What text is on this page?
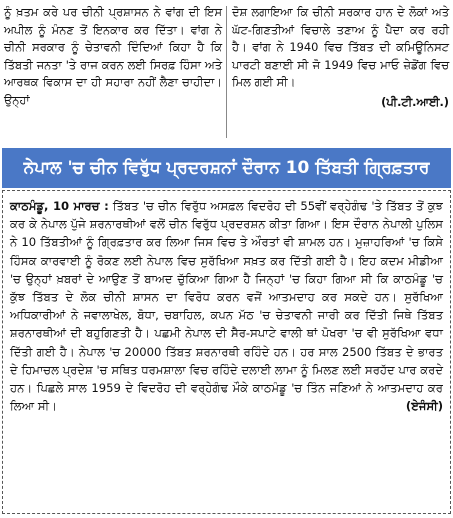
ਨੂੰ ਖ਼ਤਮ ਕਰੇ ਪਰ ਚੀਨੀ ਪ੍ਰਸ਼ਾਸਨ ਨੇ ਵਾਂਗ ਦੀ ਇਸ ਅਪੀਲ ਨੂੰ ਮੰਨਣ ਤੋਂ ਇਨਕਾਰ ਕਰ ਦਿੱਤਾ। ਵਾਂਗ ਨੇ ਚੀਨੀ ਸਰਕਾਰ ਨੂੰ ਚੇਤਾਵਨੀ ਦਿੰਦਿਆਂ ਕਿਹਾ ਹੈ ਕਿ ਤਿੱਬਤੀ ਜਨਤਾ 'ਤੇ ਰਾਜ ਕਰਨ ਲਈ ਸਿਰਫ਼ ਹਿੰਸਾ ਅਤੇ ਆਰਥਕ ਵਿਕਾਸ ਦਾ ਹੀ ਸਹਾਰਾ ਨਹੀਂ ਲੈਣਾ ਚਾਹੀਦਾ। ਉਨ੍ਹਾਂ

ਦੋਸ਼ ਲਗਾਇਆ ਕਿ ਚੀਨੀ ਸਰਕਾਰ ਹਾਨ ਦੇ ਲੋਕਾਂ ਅਤੇ ਘੱਟ-ਗਿਣਤੀਆਂ ਵਿਚਾਲੇ ਤਣਾਅ ਨੂੰ ਪੈਦਾ ਕਰ ਰਹੀ ਹੈ। ਵਾਂਗ ਨੇ 1940 ਵਿਚ ਤਿੱਬਤ ਦੀ ਕਮਿਊਨਿਸਟ ਪਾਰਟੀ ਬਣਾਈ ਸੀ ਜੋ 1949 ਵਿਚ ਮਾਓ ਜ਼ੇਡੋਂਗ ਵਿਚ ਮਿਲ ਗਈ ਸੀ।

(ਪੀ.ਟੀ.ਆਈ.)
ਨੇਪਾਲ 'ਚ ਚੀਨ ਵਿਰੁੱਧ ਪ੍ਰਦਰਸ਼ਨਾਂ ਦੌਰਾਨ 10 ਤਿੱਬਤੀ ਗ੍ਰਿਫ਼ਤਾਰ
ਕਾਠਮੰਡੂ, 10 ਮਾਰਚ : ਤਿੱਬਤ 'ਚ ਚੀਨ ਵਿਰੁੱਧ ਅਸਫ਼ਲ ਵਿਦਰੋਹ ਦੀ 55ਵੀਂ ਵਰ੍ਹੇਗੰਢ 'ਤੇ ਤਿੱਬਤ ਤੋਂ ਕੁਝ ਕਰ ਕੇ ਨੇਪਾਲ ਪੁੱਜੇ ਸ਼ਰਨਾਰਥੀਆਂ ਵਲੋਂ ਚੀਨ ਵਿਰੁੱਧ ਪ੍ਰਦਰਸ਼ਨ ਕੀਤਾ ਗਿਆ। ਇਸ ਦੌਰਾਨ ਨੇਪਾਲੀ ਪੁਲਿਸ ਨੇ 10 ਤਿੱਬਤੀਆਂ ਨੂੰ ਗ੍ਰਿਫ਼ਤਾਰ ਕਰ ਲਿਆ ਜਿਸ ਵਿਚ ਤੇ ਔਰਤਾਂ ਵੀ ਸ਼ਾਮਲ ਹਨ। ਮੁਜ਼ਾਹਰਿਆਂ 'ਚ ਕਿਸੇ ਹਿੰਸਕ ਕਾਰਵਾਈ ਨੂੰ ਰੋਕਣ ਲਈ ਨੇਪਾਲ ਵਿਚ ਸੁਰੱਖਿਆ ਸਖ਼ਤ ਕਰ ਦਿੱਤੀ ਗਈ ਹੈ। ਇਹ ਕਦਮ ਮੀਡੀਆ 'ਚ ਉਨ੍ਹਾਂ ਖ਼ਬਰਾਂ ਦੇ ਆਉਣ ਤੋਂ ਬਾਅਦ ਚੁੱਕਿਆ ਗਿਆ ਹੈ ਜਿਨ੍ਹਾਂ 'ਚ ਕਿਹਾ ਗਿਆ ਸੀ ਕਿ ਕਾਠਮੰਡੂ 'ਚ ਕੁੱਝ ਤਿੱਬਤ ਦੇ ਲੋਕ ਚੀਨੀ ਸ਼ਾਸਨ ਦਾ ਵਿਰੋਧ ਕਰਨ ਵਜੋਂ ਆਤਮਦਾਹ ਕਰ ਸਕਦੇ ਹਨ। ਸੁਰੱਖਿਆ ਅਧਿਕਾਰੀਆਂ ਨੇ ਜਵਾਲਾਖੇਲ, ਬੋਧਾ, ਚਬਾਹਿਲ, ਕਪਨ ਮੱਠ 'ਚ ਚੇਤਾਵਨੀ ਜਾਰੀ ਕਰ ਦਿੱਤੀ ਜਿਥੇ ਤਿੱਬਤ ਸ਼ਰਨਾਰਥੀਆਂ ਦੀ ਬਹੁਗਿਣਤੀ ਹੈ। ਪਛਮੀ ਨੇਪਾਲ ਦੀ ਸੈਰ-ਸਪਾਟੇ ਵਾਲੀ ਥਾਂ ਪੋਖਰਾ 'ਚ ਵੀ ਸੁਰੱਖਿਆ ਵਧਾ ਦਿੱਤੀ ਗਈ ਹੈ। ਨੇਪਾਲ 'ਚ 20000 ਤਿੱਬਤ ਸ਼ਰਨਾਰਥੀ ਰਹਿੰਦੇ ਹਨ। ਹਰ ਸਾਲ 2500 ਤਿੱਬਤ ਦੇ ਭਾਰਤ ਦੇ ਹਿਮਾਚਲ ਪ੍ਰਦੇਸ਼ 'ਚ ਸਥਿਤ ਧਰਮਸ਼ਾਲਾ ਵਿਚ ਰਹਿੰਦੇ ਦਲਾਈ ਲਾਮਾ ਨੂੰ ਮਿਲਣ ਲਈ ਸਰਹੱਦ ਪਾਰ ਕਰਦੇ ਹਨ। ਪਿਛਲੇ ਸਾਲ 1959 ਦੇ ਵਿਦਰੋਹ ਦੀ ਵਰ੍ਹੇਗੰਢ ਮੌਕੇ ਕਾਠਮੰਡੂ 'ਚ ਤਿੰਨ ਜਣਿਆਂ ਨੇ ਆਤਮਦਾਹ ਕਰ ਲਿਆ ਸੀ।	(ਏਜੰਸੀ)
